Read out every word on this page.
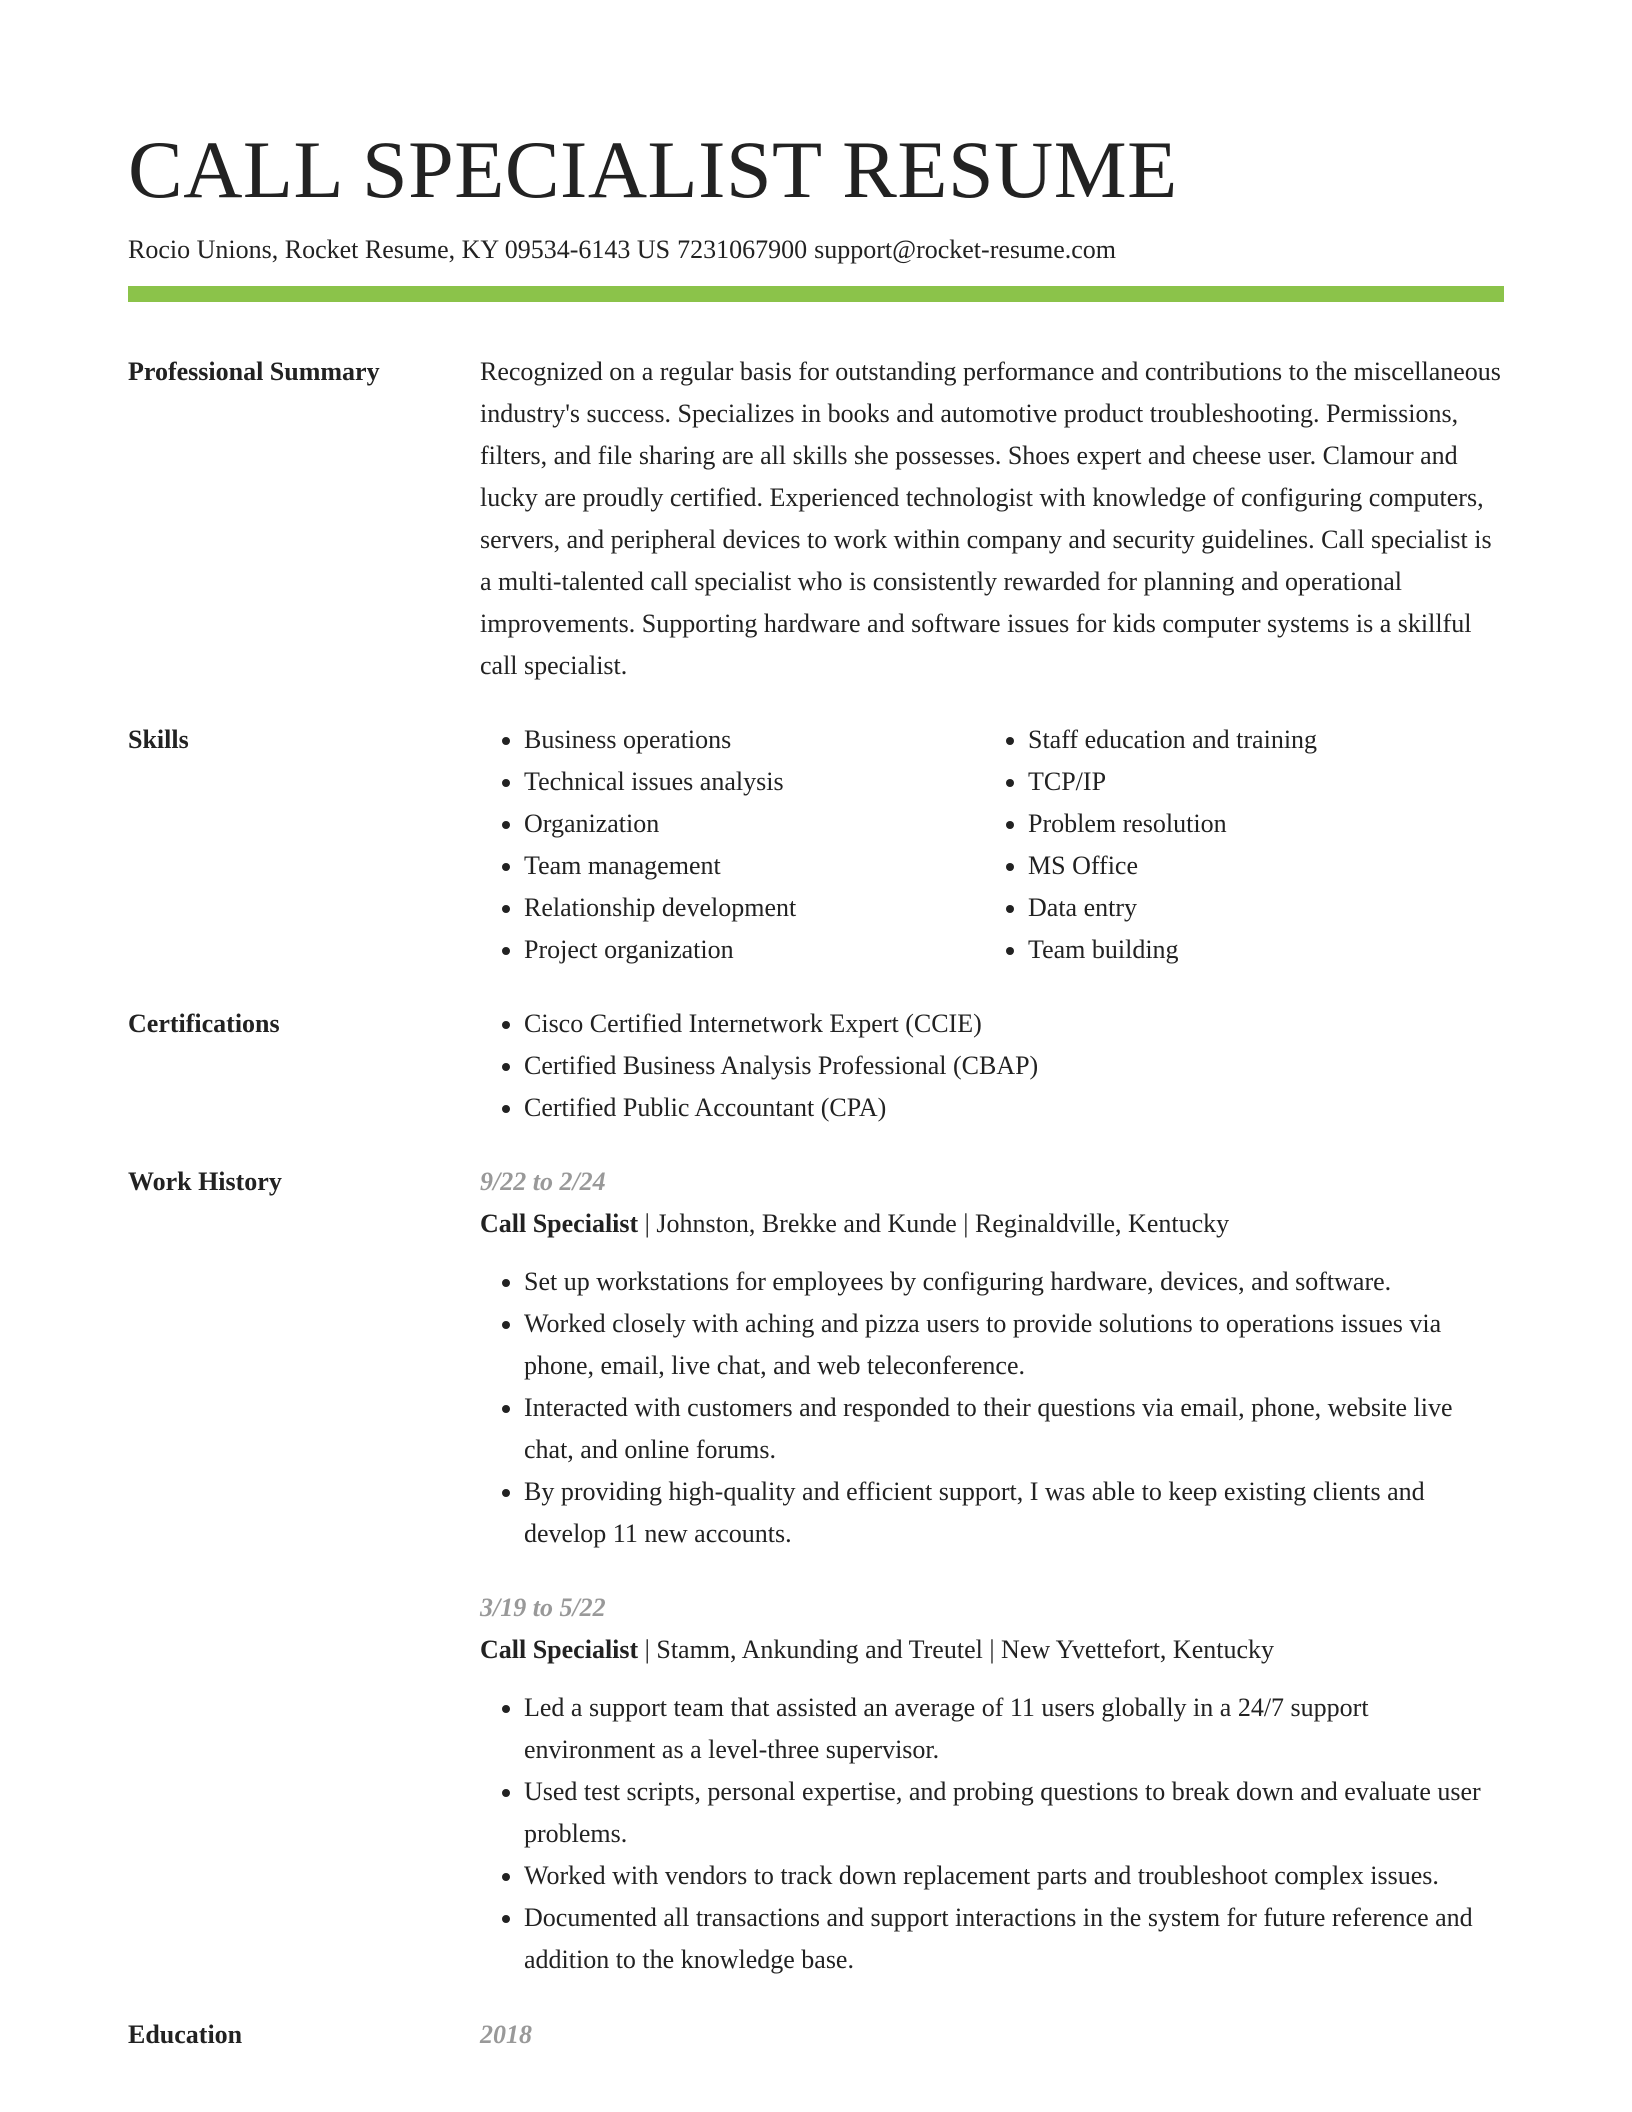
CALL SPECIALIST RESUME
Rocio Unions, Rocket Resume, KY 09534-6143 US 7231067900 support@rocket-resume.com
Professional Summary	Recognized on a regular basis for outstanding performance and contributions to the miscellaneous industry's success. Specializes in books and automotive product troubleshooting. Permissions, filters, and file sharing are all skills she possesses. Shoes expert and cheese user. Clamour and lucky are proudly certified. Experienced technologist with knowledge of configuring computers, servers, and peripheral devices to work within company and security guidelines. Call specialist is a multi-talented call specialist who is consistently rewarded for planning and operational improvements. Supporting hardware and software issues for kids computer systems is a skillful call specialist.

Skills	• Business operations
• Technical issues analysis
• Organization
• Team management
• Relationship development
• Project organization
• Staff education and training
• TCP/IP
• Problem resolution
• MS Office
• Data entry
• Team building
Certifications	• Cisco Certified Internetwork Expert (CCIE)
• Certified Business Analysis Professional (CBAP)
• Certified Public Accountant (CPA)
Work History	9/22 to 2/24
Call Specialist | Johnston, Brekke and Kunde | Reginaldville, Kentucky
• Set up workstations for employees by configuring hardware, devices, and software.
• Worked closely with aching and pizza users to provide solutions to operations issues via phone, email, live chat, and web teleconference.
• Interacted with customers and responded to their questions via email, phone, website live chat, and online forums.
• By providing high-quality and efficient support, I was able to keep existing clients and develop 11 new accounts.
3/19 to 5/22
Call Specialist | Stamm, Ankunding and Treutel | New Yvettefort, Kentucky
• Led a support team that assisted an average of 11 users globally in a 24/7 support environment as a level-three supervisor.
• Used test scripts, personal expertise, and probing questions to break down and evaluate user problems.
• Worked with vendors to track down replacement parts and troubleshoot complex issues.
• Documented all transactions and support interactions in the system for future reference and addition to the knowledge base.
Education	2018
